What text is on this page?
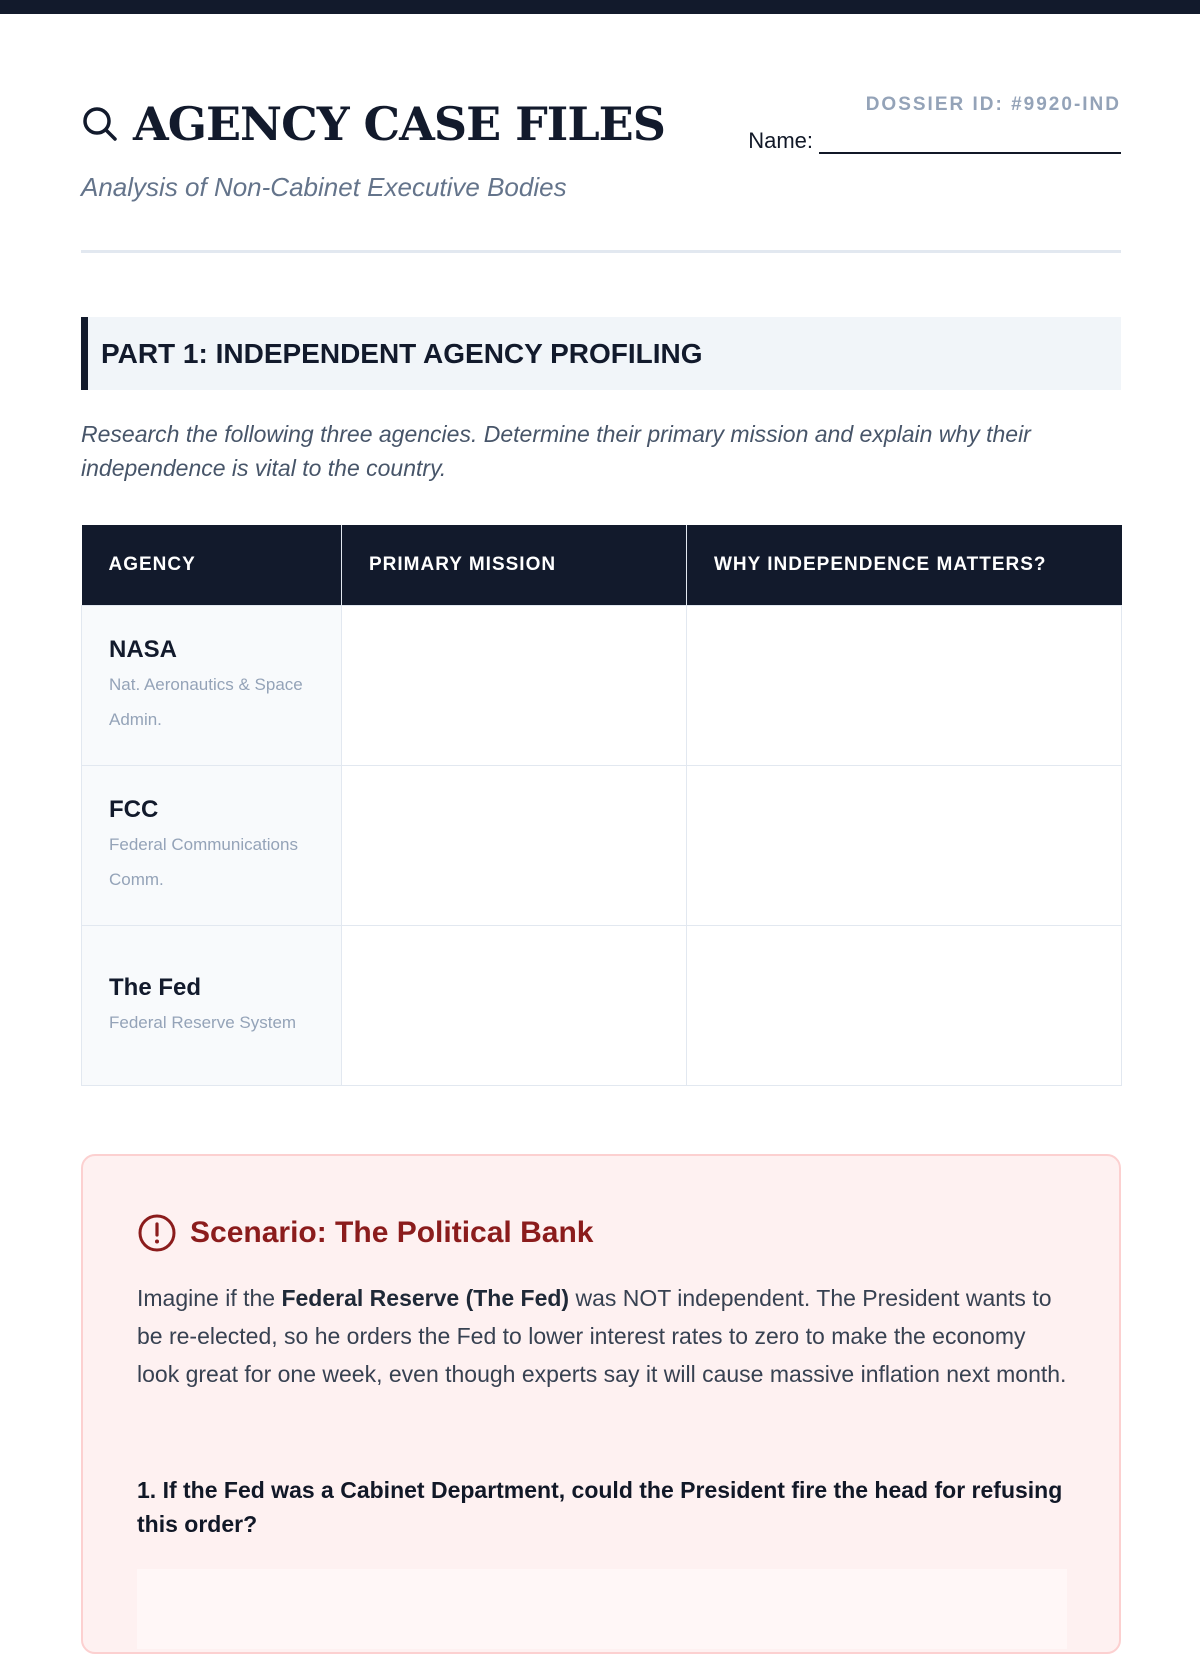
AGENCY CASE FILES
Analysis of Non-Cabinet Executive Bodies
DOSSIER ID: #9920-IND
Name:
PART 1: INDEPENDENT AGENCY PROFILING
Research the following three agencies. Determine their primary mission and explain why their independence is vital to the country.
AGENCY	PRIMARY MISSION	WHY INDEPENDENCE MATTERS?

NASA
Nat. Aeronautics & Space Admin.		

FCC
Federal Communications Comm.		

The Fed
Federal Reserve System		

Scenario: The Political Bank
Imagine if the Federal Reserve (The Fed) was NOT independent. The President wants to be re-elected, so he orders the Fed to lower interest rates to zero to make the economy look great for one week, even though experts say it will cause massive inflation next month.
1. If the Fed was a Cabinet Department, could the President fire the head for refusing this order?
